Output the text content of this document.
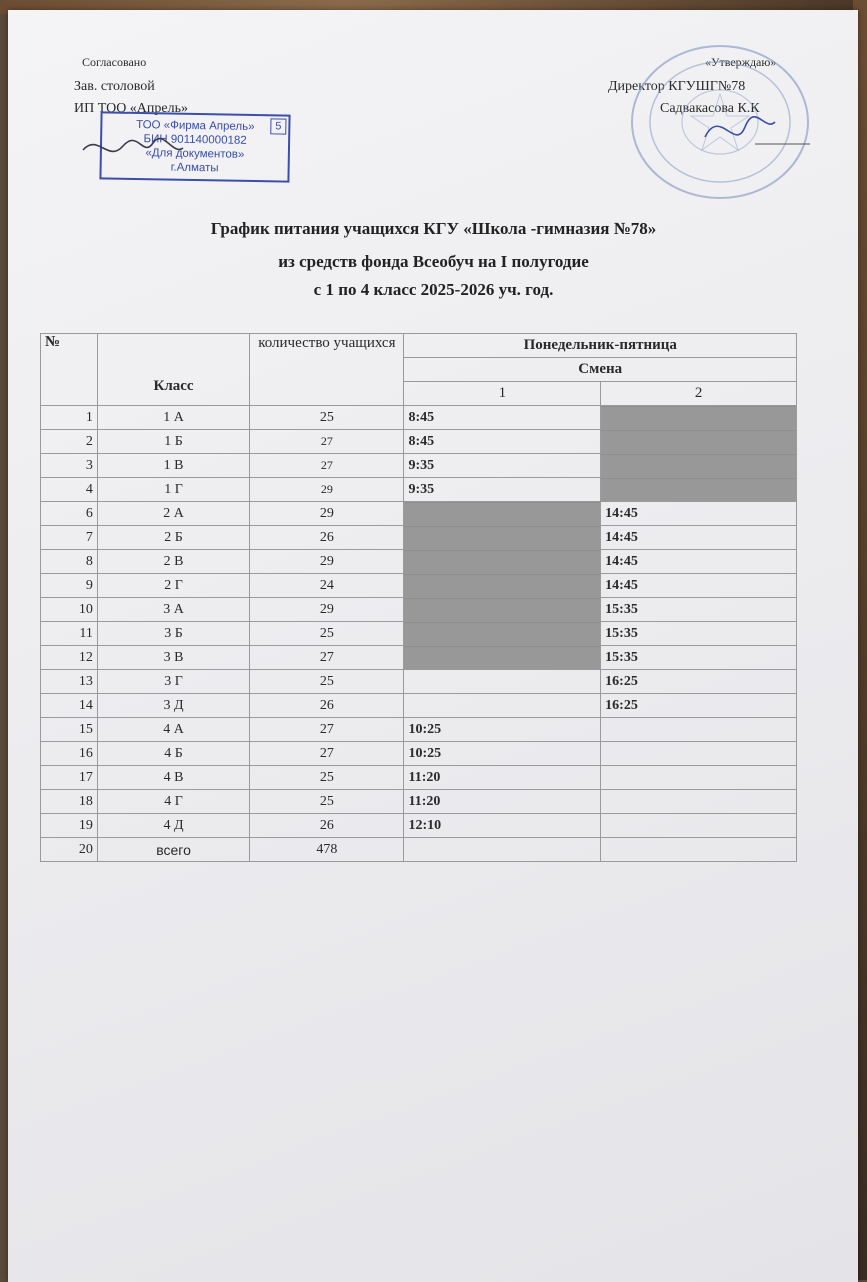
Согласовано
Зав. столовой
ИП ТОО «Апрель»
«Утверждаю»
Директор КГУШГ№78
Садвакасова К.К
5
ТОО «Фирма Апрель»
БИН 901140000182
«Для документов»
г.Алматы
График питания учащихся КГУ «Школа -гимназия №78»
из средств фонда Всеобуч на I полугодие
с 1 по 4 класс 2025-2026 уч. год.
№	Класс	количество учащихся	Понедельник-пятница	
			Смена	
			1	2
1	1 А	25	8:45	
2	1 Б	27	8:45	
3	1 В	27	9:35	
4	1 Г	29	9:35	
6	2 А	29		14:45
7	2 Б	26		14:45
8	2 В	29		14:45
9	2 Г	24		14:45
10	3 А	29		15:35
11	3 Б	25		15:35
12	3 В	27		15:35
13	3 Г	25		16:25
14	3 Д	26		16:25
15	4 А	27	10:25	
16	4 Б	27	10:25	
17	4 В	25	11:20	
18	4 Г	25	11:20	
19	4 Д	26	12:10	
20	всего	478		
